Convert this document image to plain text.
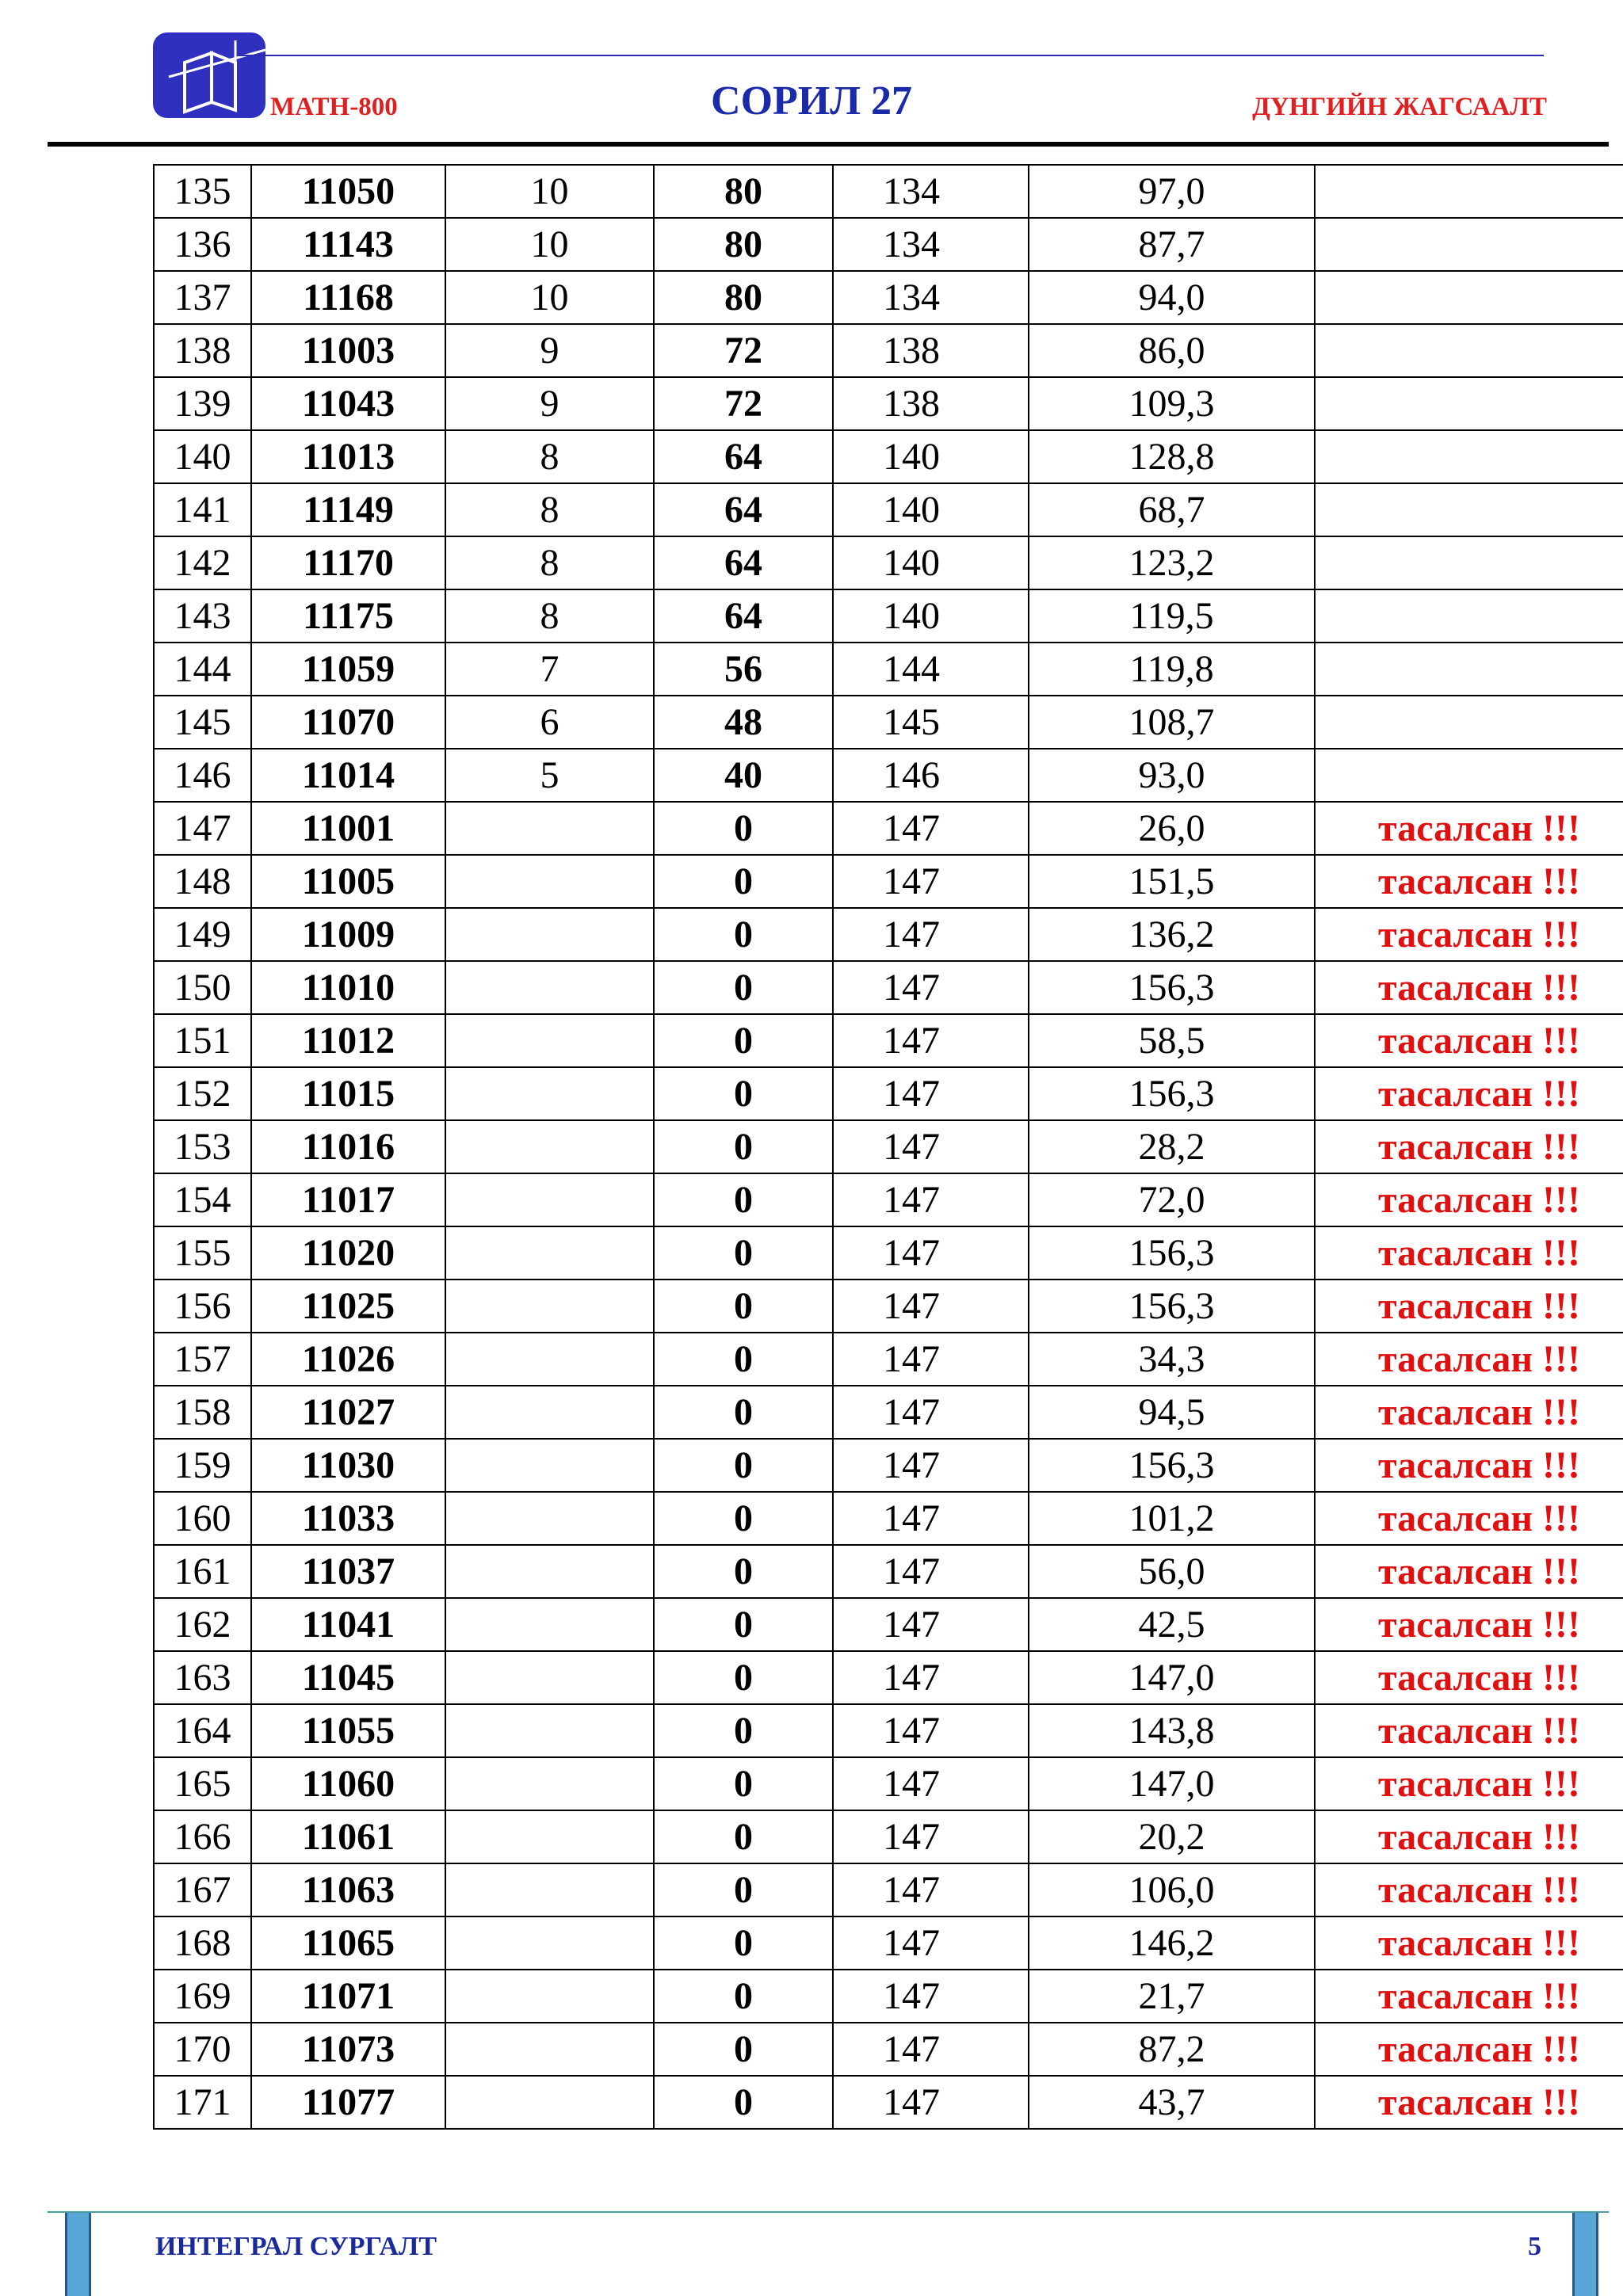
MATH-800	СОРИЛ 27	ДҮНГИЙН ЖАГСААЛТ
135	11050	10	80	134	97,0	
136	11143	10	80	134	87,7	
137	11168	10	80	134	94,0	
138	11003	9	72	138	86,0	
139	11043	9	72	138	109,3	
140	11013	8	64	140	128,8	
141	11149	8	64	140	68,7	
142	11170	8	64	140	123,2	
143	11175	8	64	140	119,5	
144	11059	7	56	144	119,8	
145	11070	6	48	145	108,7	
146	11014	5	40	146	93,0	
147	11001		0	147	26,0	тасалсан !!!
148	11005		0	147	151,5	тасалсан !!!
149	11009		0	147	136,2	тасалсан !!!
150	11010		0	147	156,3	тасалсан !!!
151	11012		0	147	58,5	тасалсан !!!
152	11015		0	147	156,3	тасалсан !!!
153	11016		0	147	28,2	тасалсан !!!
154	11017		0	147	72,0	тасалсан !!!
155	11020		0	147	156,3	тасалсан !!!
156	11025		0	147	156,3	тасалсан !!!
157	11026		0	147	34,3	тасалсан !!!
158	11027		0	147	94,5	тасалсан !!!
159	11030		0	147	156,3	тасалсан !!!
160	11033		0	147	101,2	тасалсан !!!
161	11037		0	147	56,0	тасалсан !!!
162	11041		0	147	42,5	тасалсан !!!
163	11045		0	147	147,0	тасалсан !!!
164	11055		0	147	143,8	тасалсан !!!
165	11060		0	147	147,0	тасалсан !!!
166	11061		0	147	20,2	тасалсан !!!
167	11063		0	147	106,0	тасалсан !!!
168	11065		0	147	146,2	тасалсан !!!
169	11071		0	147	21,7	тасалсан !!!
170	11073		0	147	87,2	тасалсан !!!
171	11077		0	147	43,7	тасалсан !!!
ИНТЕГРАЛ СУРГАЛТ	5
